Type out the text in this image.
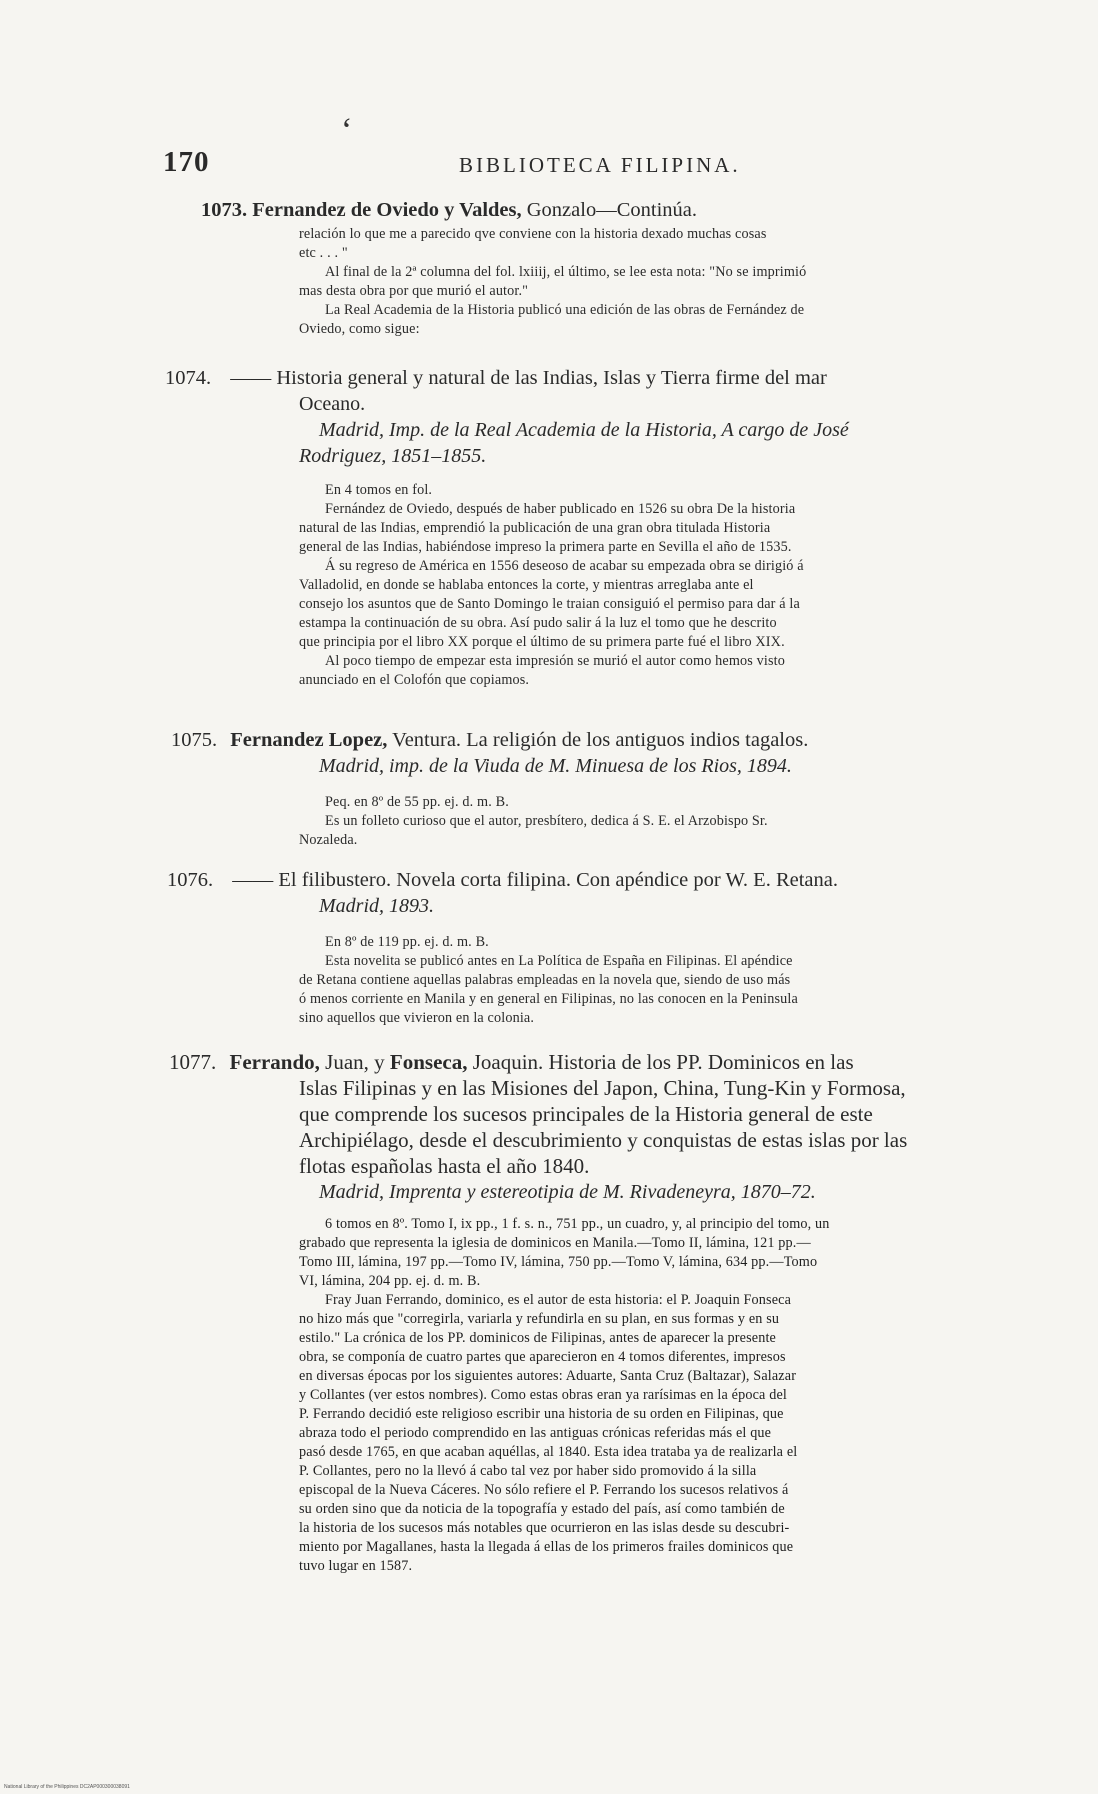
‘
170	BIBLIOTECA FILIPINA.
1073. Fernandez de Oviedo y Valdes, Gonzalo—Continúa.
relación lo que me a parecido qve conviene con la historia dexado muchas cosas
etc . . . "
Al final de la 2ª columna del fol. lxiiij, el último, se lee esta nota: "No se imprimió
mas desta obra por que murió el autor."
La Real Academia de la Historia publicó una edición de las obras de Fernández de
Oviedo, como sigue:
1074. —— Historia general y natural de las Indias, Islas y Tierra firme del mar
Oceano.
Madrid, Imp. de la Real Academia de la Historia, A cargo de José
Rodriguez, 1851–1855.
En 4 tomos en fol.
Fernández de Oviedo, después de haber publicado en 1526 su obra De la historia
natural de las Indias, emprendió la publicación de una gran obra titulada Historia
general de las Indias, habiéndose impreso la primera parte en Sevilla el año de 1535.
Á su regreso de América en 1556 deseoso de acabar su empezada obra se dirigió á
Valladolid, en donde se hablaba entonces la corte, y mientras arreglaba ante el
consejo los asuntos que de Santo Domingo le traian consiguió el permiso para dar á la
estampa la continuación de su obra. Así pudo salir á la luz el tomo que he descrito
que principia por el libro XX porque el último de su primera parte fué el libro XIX.
Al poco tiempo de empezar esta impresión se murió el autor como hemos visto
anunciado en el Colofón que copiamos.
1075. Fernandez Lopez, Ventura. La religión de los antiguos indios tagalos.
Madrid, imp. de la Viuda de M. Minuesa de los Rios, 1894.
Peq. en 8º de 55 pp. ej. d. m. B.
Es un folleto curioso que el autor, presbítero, dedica á S. E. el Arzobispo Sr.
Nozaleda.
1076. —— El filibustero. Novela corta filipina. Con apéndice por W. E. Retana.
Madrid, 1893.
En 8º de 119 pp. ej. d. m. B.
Esta novelita se publicó antes en La Política de España en Filipinas. El apéndice
de Retana contiene aquellas palabras empleadas en la novela que, siendo de uso más
ó menos corriente en Manila y en general en Filipinas, no las conocen en la Peninsula
sino aquellos que vivieron en la colonia.
1077. Ferrando, Juan, y Fonseca, Joaquin. Historia de los PP. Dominicos en las
Islas Filipinas y en las Misiones del Japon, China, Tung-Kin y Formosa,
que comprende los sucesos principales de la Historia general de este
Archipiélago, desde el descubrimiento y conquistas de estas islas por las
flotas españolas hasta el año 1840.
Madrid, Imprenta y estereotipia de M. Rivadeneyra, 1870–72.
6 tomos en 8º. Tomo I, ix pp., 1 f. s. n., 751 pp., un cuadro, y, al principio del tomo, un
grabado que representa la iglesia de dominicos en Manila.—Tomo II, lámina, 121 pp.—
Tomo III, lámina, 197 pp.—Tomo IV, lámina, 750 pp.—Tomo V, lámina, 634 pp.—Tomo
VI, lámina, 204 pp. ej. d. m. B.
Fray Juan Ferrando, dominico, es el autor de esta historia: el P. Joaquin Fonseca
no hizo más que "corregirla, variarla y refundirla en su plan, en sus formas y en su
estilo." La crónica de los PP. dominicos de Filipinas, antes de aparecer la presente
obra, se componía de cuatro partes que aparecieron en 4 tomos diferentes, impresos
en diversas épocas por los siguientes autores: Aduarte, Santa Cruz (Baltazar), Salazar
y Collantes (ver estos nombres). Como estas obras eran ya rarísimas en la época del
P. Ferrando decidió este religioso escribir una historia de su orden en Filipinas, que
abraza todo el periodo comprendido en las antiguas crónicas referidas más el que
pasó desde 1765, en que acaban aquéllas, al 1840. Esta idea trataba ya de realizarla el
P. Collantes, pero no la llevó á cabo tal vez por haber sido promovido á la silla
episcopal de la Nueva Cáceres. No sólo refiere el P. Ferrando los sucesos relativos á
su orden sino que da noticia de la topografía y estado del país, así como también de
la historia de los sucesos más notables que ocurrieron en las islas desde su descubri-
miento por Magallanes, hasta la llegada á ellas de los primeros frailes dominicos que
tuvo lugar en 1587.
National Library of the Philippines DC2AP000300038091
